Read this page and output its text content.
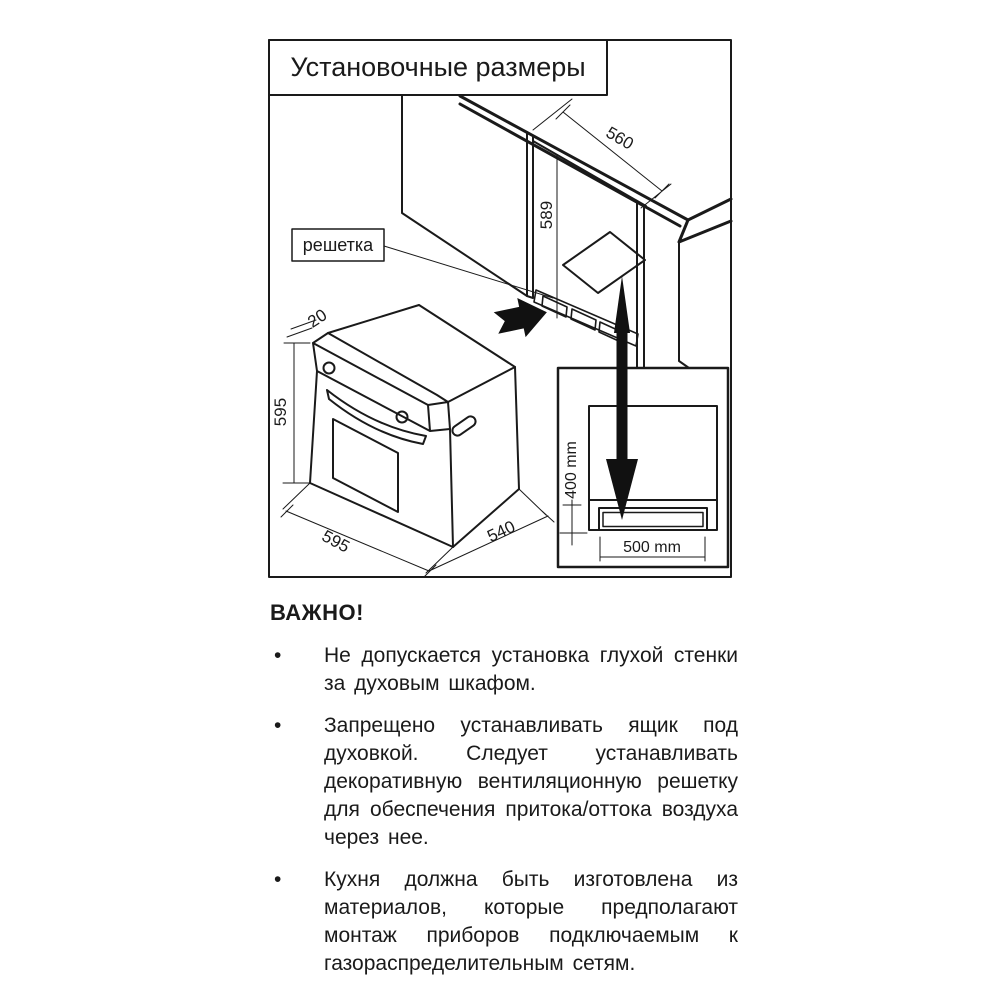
Установочные размеры
решетка
560
589
20
595
595	540
400 mm
500 mm
ВАЖНО!
•	Не допускается установка глухой стенки за духовым шкафом.
•	Запрещено устанавливать ящик под духовкой. Следует устанавливать декоративную вентиляционную решетку для обеспечения притока/оттока воздуха через нее.
•	Кухня должна быть изготовлена из материалов, которые предполагают монтаж приборов подключаемым к газораспределительным сетям.
